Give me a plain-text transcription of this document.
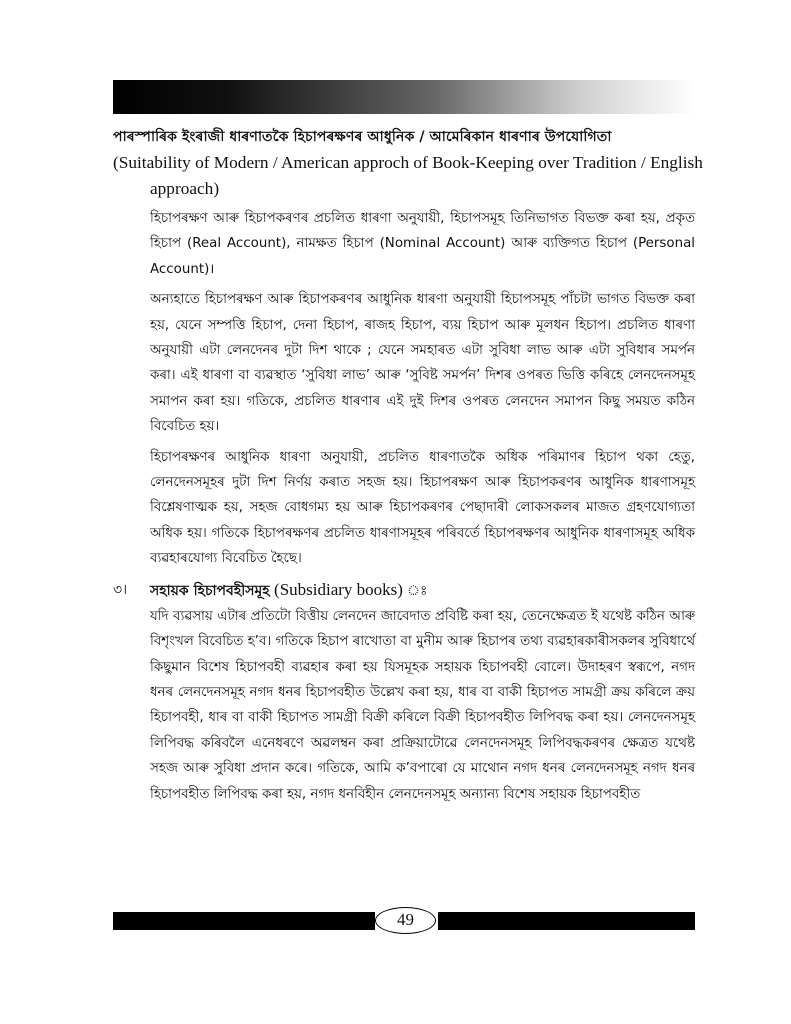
পাৰস্পাৰিক ইংৰাজী ধাৰণাতকৈ হিচাপৰক্ষণৰ আধুনিক / আমেৰিকান ধাৰণাৰ উপযোগিতা
(Suitability of Modern / American approch of Book-Keeping over Tradition / English
approach)

হিচাপৰক্ষণ আৰু হিচাপকৰণৰ প্ৰচলিত ধাৰণা অনুযায়ী, হিচাপসমূহ তিনিভাগত বিভক্ত কৰা হয়, প্ৰকৃত হিচাপ (Real Account), নামক্ষত হিচাপ (Nominal Account) আৰু ব্যক্তিগত হিচাপ (Personal Account)।

অন্যহাতে হিচাপৰক্ষণ আৰু হিচাপকৰণৰ আধুনিক ধাৰণা অনুযায়ী হিচাপসমূহ পাঁচটা ভাগত বিভক্ত কৰা হয়, যেনে সম্পত্তি হিচাপ, দেনা হিচাপ, ৰাজহ হিচাপ, ব্যয় হিচাপ আৰু মূলধন হিচাপ। প্ৰচলিত ধাৰণা অনুযায়ী এটা লেনদেনৰ দুটা দিশ থাকে ; যেনে সমহাৰত এটা সুবিধা লাভ আৰু এটা সুবিধাৰ সমৰ্পন কৰা। এই ধাৰণা বা ব্যৱস্থাত ‘সুবিধা লাভ’ আৰু ‘সুবিষ্ট সমৰ্পন’ দিশৰ ওপৰত ভিত্তি কৰিহে লেনদেনসমূহ সমাপন কৰা হয়। গতিকে, প্ৰচলিত ধাৰণাৰ এই দুই দিশৰ ওপৰত লেনদেন সমাপন কিছু সময়ত কঠিন বিবেচিত হয়।

হিচাপৰক্ষণৰ আধুনিক ধাৰণা অনুযায়ী, প্ৰচলিত ধাৰণাতকৈ অধিক পৰিমাণৰ হিচাপ থকা হেতু, লেনদেনসমূহৰ দুটা দিশ নিৰ্ণয় কৰাত সহজ হয়। হিচাপৰক্ষণ আৰু হিচাপকৰণৰ আধুনিক ধাৰণাসমূহ বিশ্লেষণাত্মক হয়, সহজ বোধগম্য হয় আৰু হিচাপকৰণৰ পেছাদাৰী লোকসকলৰ মাজত গ্ৰহণযোগ্যতা অধিক হয়। গতিকে হিচাপৰক্ষণৰ প্ৰচলিত ধাৰণাসমূহৰ পৰিবৰ্তে হিচাপৰক্ষণৰ আধুনিক ধাৰণাসমূহ অধিক ব্যৱহাৰযোগ্য বিবেচিত হৈছে।

৩।	সহায়ক হিচাপবহীসমূহ (Subsidiary books) ঃ

যদি ব্যৱসায় এটাৰ প্ৰতিটো বিত্তীয় লেনদেন জাবেদাত প্ৰবিষ্টি কৰা হয়, তেনেক্ষেত্ৰত ই যথেষ্ট কঠিন আৰু বিশৃংখল বিবেচিত হ’ব। গতিকে হিচাপ ৰাখোতা বা মুনীম আৰু হিচাপৰ তথ্য ব্যৱহাৰকাৰীসকলৰ সুবিধাৰ্থে কিছুমান বিশেষ হিচাপবহী ব্যৱহাৰ কৰা হয় যিসমূহক সহায়ক হিচাপবহী বোলে। উদাহৰণ স্বৰূপে, নগদ ধনৰ লেনদেনসমূহ নগদ ধনৰ হিচাপবহীত উল্লেখ কৰা হয়, ধাৰ বা বাকী হিচাপত সামগ্ৰী ক্ৰয় কৰিলে ক্ৰয় হিচাপবহী, ধাৰ বা বাকী হিচাপত সামগ্ৰী বিক্ৰী কৰিলে বিক্ৰী হিচাপবহীত লিপিবদ্ধ কৰা হয়। লেনদেনসমূহ লিপিবদ্ধ কৰিবলৈ এনেধৰণে অৱলম্বন কৰা প্ৰক্ৰিয়াটোৱে লেনদেনসমূহ লিপিবদ্ধকৰণৰ ক্ষেত্ৰত যথেষ্ট সহজ আৰু সুবিধা প্ৰদান কৰে। গতিকে, আমি ক’বপাৰো যে মাথোন নগদ ধনৰ লেনদেনসমূহ নগদ ধনৰ হিচাপবহীত লিপিবদ্ধ কৰা হয়, নগদ ধনবিহীন লেনদেনসমূহ অন্যান্য বিশেষ সহায়ক হিচাপবহীত

49
